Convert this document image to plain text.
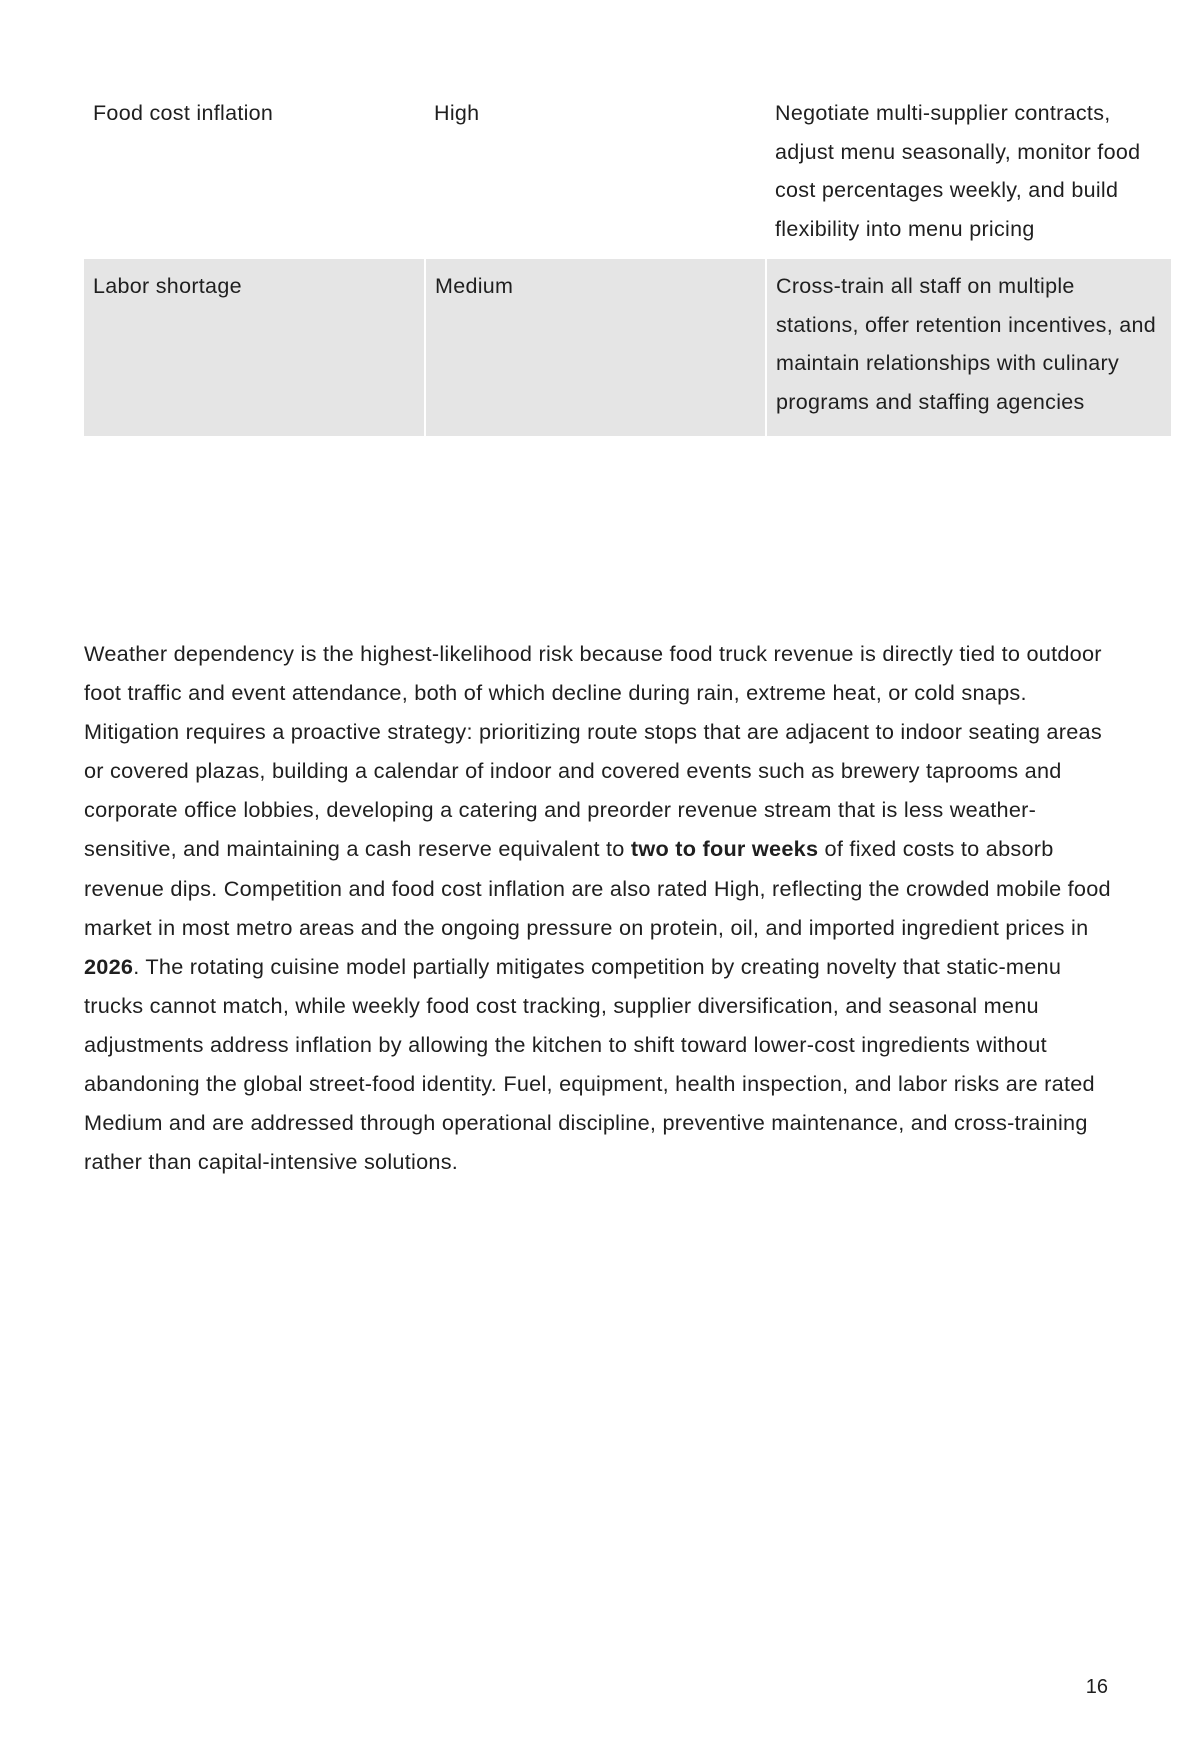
Food cost inflation	High	Negotiate multi-supplier contracts, adjust menu seasonally, monitor food cost percentages weekly, and build flexibility into menu pricing
Labor shortage	Medium	Cross-train all staff on multiple stations, offer retention incentives, and maintain relationships with culinary programs and staffing agencies

Weather dependency is the highest-likelihood risk because food truck revenue is directly tied to outdoor foot traffic and event attendance, both of which decline during rain, extreme heat, or cold snaps. Mitigation requires a proactive strategy: prioritizing route stops that are adjacent to indoor seating areas or covered plazas, building a calendar of indoor and covered events such as brewery taprooms and corporate office lobbies, developing a catering and preorder revenue stream that is less weather-sensitive, and maintaining a cash reserve equivalent to two to four weeks of fixed costs to absorb revenue dips. Competition and food cost inflation are also rated High, reflecting the crowded mobile food market in most metro areas and the ongoing pressure on protein, oil, and imported ingredient prices in 2026. The rotating cuisine model partially mitigates competition by creating novelty that static-menu trucks cannot match, while weekly food cost tracking, supplier diversification, and seasonal menu adjustments address inflation by allowing the kitchen to shift toward lower-cost ingredients without abandoning the global street-food identity. Fuel, equipment, health inspection, and labor risks are rated Medium and are addressed through operational discipline, preventive maintenance, and cross-training rather than capital-intensive solutions.

16
